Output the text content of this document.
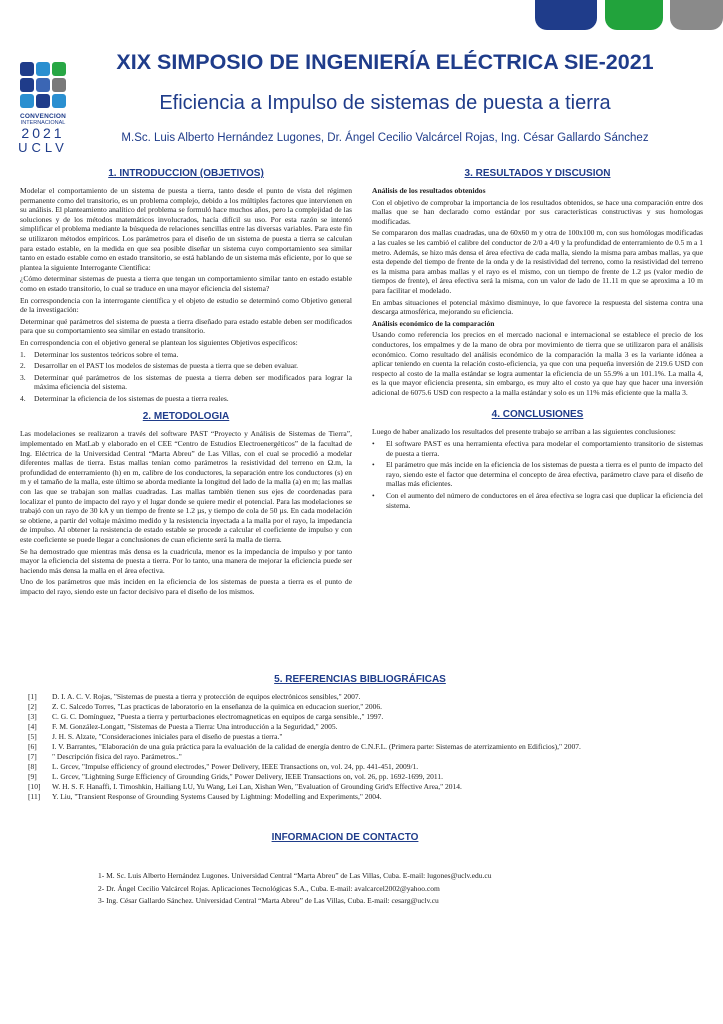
CONVENCION
INTERNACIONAL
2021
UCLV
XIX SIMPOSIO DE INGENIERÍA ELÉCTRICA SIE-2021
Eficiencia a Impulso de sistemas de puesta a tierra
M.Sc. Luis Alberto Hernández Lugones, Dr. Ángel Cecilio Valcárcel Rojas, Ing. César Gallardo Sánchez
1. INTRODUCCION (OBJETIVOS)

Modelar el comportamiento de un sistema de puesta a tierra, tanto desde el punto de vista del régimen permanente como del transitorio, es un problema complejo, debido a los múltiples factores que intervienen en su análisis. El planteamiento analítico del problema se formuló hace muchos años, pero la complejidad de las soluciones y de los métodos matemáticos involucrados, hacía difícil su uso. Por esta razón se intentó simplificar el problema mediante la búsqueda de relaciones sencillas entre las diversas variables. Para este fin se utilizaron métodos empíricos. Los parámetros para el diseño de un sistema de puesta a tierra se calculan para estado estable, en la medida en que sea posible diseñar un sistema cuyo comportamiento sea similar tanto en estado estable como en estado transitorio, se está hablando de un sistema más eficiente, por lo que se plantea la siguiente Interrogante Científica:

¿Cómo determinar sistemas de puesta a tierra que tengan un comportamiento similar tanto en estado estable como en estado transitorio, lo cual se traduce en una mayor eficiencia del sistema?

En correspondencia con la interrogante científica y el objeto de estudio se determinó como Objetivo general de la investigación:

Determinar qué parámetros del sistema de puesta a tierra diseñado para estado estable deben ser modificados para que su comportamiento sea similar en estado transitorio.

En correspondencia con el objetivo general se plantean los siguientes Objetivos específicos:

1.	Determinar los sustentos teóricos sobre el tema.
2.	Desarrollar en el PAST los modelos de sistemas de puesta a tierra que se deben evaluar.
3.	Determinar qué parámetros de los sistemas de puesta a tierra deben ser modificados para lograr la máxima eficiencia del sistema.
4.	Determinar la eficiencia de los sistemas de puesta a tierra reales.
2. METODOLOGIA

Las modelaciones se realizaron a través del software PAST “Proyecto y Análisis de Sistemas de Tierra”, implementado en MatLab y elaborado en el CEE “Centro de Estudios Electroenergéticos” de la facultad de Ing. Eléctrica de la Universidad Central “Marta Abreu” de Las Villas, con el cual se procedió a modelar diferentes mallas de tierra. Estas mallas tenían como parámetros la resistividad del terreno en Ω.m, la profundidad de enterramiento (h) en m, calibre de los conductores, la separación entre los conductores (s) en m y el tamaño de la malla, este último se aborda mediante la longitud del lado de la malla (a) en m; las mallas con las que se trabajan son mallas cuadradas. Las mallas también tienen sus ejes de coordenadas para localizar el punto de impacto del rayo y el lugar donde se quiere medir el potencial. Para las modelaciones se trabajó con un rayo de 30 kA y un tiempo de frente se 1.2 µs, y tiempo de cola de 50 µs. En cada modelación se obtiene, a partir del voltaje máximo medido y la resistencia inyectada a la malla por el rayo, la impedancia de impulso. Al obtener la resistencia de estado estable se procede a calcular el coeficiente de impulso y con este coeficiente se puede llegar a conclusiones de cuan eficiente será la malla de tierra.

Se ha demostrado que mientras más densa es la cuadricula, menor es la impedancia de impulso y por tanto mayor la eficiencia del sistema de puesta a tierra. Por lo tanto, una manera de mejorar la eficiencia puede ser haciendo más densa la malla en el área efectiva.

Uno de los parámetros que más inciden en la eficiencia de los sistemas de puesta a tierra es el punto de impacto del rayo, siendo este un factor decisivo para el diseño de los mismos.

3. RESULTADOS Y DISCUSION

Análisis de los resultados obtenidos

Con el objetivo de comprobar la importancia de los resultados obtenidos, se hace una comparación entre dos mallas que se han declarado como estándar por sus características constructivas y sus homologas modificadas.

Se compararon dos mallas cuadradas, una de 60x60 m y otra de 100x100 m, con sus homólogas modificadas a las cuales se les cambió el calibre del conductor de 2/0 a 4/0 y la profundidad de enterramiento de 0.5 m a 1 metro. Además, se hizo más densa el área efectiva de cada malla, siendo la misma para ambas mallas, ya que esta depende del tiempo de frente de la onda y de la resistividad del terreno, como la resistividad del terreno es la misma para ambas mallas y el rayo es el mismo, con un tiempo de frente de 1.2 µs (valor medio de tiempos de frente), el área efectiva será la misma, con un valor de lado de 11.11 m que se aproxima a 10 m para facilitar el modelado.

En ambas situaciones el potencial máximo disminuye, lo que favorece la respuesta del sistema contra una descarga atmosférica, mejorando su eficiencia.

Análisis económico de la comparación

Usando como referencia los precios en el mercado nacional e internacional se establece el precio de los conductores, los empalmes y de la mano de obra por movimiento de tierra que se utilizaron para el análisis económico. Como resultado del análisis económico de la comparación la malla 3 es la variante idónea a aplicar teniendo en cuenta la relación costo-eficiencia, ya que con una pequeña inversión de 219.6 USD con respecto al costo de la malla estándar se logra aumentar la eficiencia de un 55.9% a un 101.1%. La malla 4, es la que mayor eficiencia presenta, sin embargo, es muy alto el costo ya que hay que hacer una inversión adicional de 6075.6 USD con respecto a la malla estándar y solo es un 11% más eficiente que la malla 3.

4. CONCLUSIONES

Luego de haber analizado los resultados del presente trabajo se arriban a las siguientes conclusiones:

•	El software PAST es una herramienta efectiva para modelar el comportamiento transitorio de sistemas de puesta a tierra.
•	El parámetro que más incide en la eficiencia de los sistemas de puesta a tierra es el punto de impacto del rayo, siendo este el factor que determina el concepto de área efectiva, parámetro clave para el diseño de mallas más eficientes.
•	Con el aumento del número de conductores en el área efectiva se logra casi que duplicar la eficiencia del sistema.
5. REFERENCIAS BIBLIOGRÁFICAS
[1]	D. I. A. C. V. Rojas, "Sistemas de puesta a tierra y protección de equipos electrónicos sensibles," 2007.
[2]	Z. C. Salcedo Torres, "Las practicas de laboratorio en la enseñanza de la quimica en educacion suerior," 2006.
[3]	C. G. C. Domínguez, "Puesta a tierra y perturbaciones electromagneticas en equipos de carga sensible.," 1997.
[4]	F. M. González-Longatt, "Sistemas de Puesta a Tierra: Una introducción a la Seguridad," 2005.
[5]	J. H. S. Alzate, "Consideraciones iniciales para el diseño de puestas a tierra."
[6]	I. V. Barrantes, "Elaboración de una guía práctica para la evaluación de la calidad de energía dentro de C.N.F.L. (Primera parte: Sistemas de aterrizamiento en Edificios)," 2007.
[7]	" Descripción física del rayo. Parámetros.."
[8]	L. Grcev, "Impulse efficiency of ground electrodes," Power Delivery, IEEE Transactions on, vol. 24, pp. 441-451, 2009/1.
[9]	L. Grcev, "Lightning Surge Efficiency of Grounding Grids," Power Delivery, IEEE Transactions on, vol. 26, pp. 1692-1699, 2011.
[10]	W. H. S. F. Hanaffi, I. Timoshkin, Hailiang LU, Yu Wang, Lei Lan, Xishan Wen, "Evaluation of Grounding Grid's Effective Area," 2014.
[11]	Y. Liu, "Transient Response of Grounding Systems Caused by Lightning: Modelling and Experiments," 2004.
INFORMACION DE CONTACTO
1- M. Sc. Luis Alberto Hernández Lugones. Universidad Central “Marta Abreu” de Las Villas, Cuba. E-mail: lugones@uclv.edu.cu
2- Dr. Ángel Cecilio Valcárcel Rojas. Aplicaciones Tecnológicas S.A., Cuba. E-mail: avalcarcel2002@yahoo.com
3- Ing. César Gallardo Sánchez. Universidad Central “Marta Abreu” de Las Villas, Cuba. E-mail: cesarg@uclv.cu
